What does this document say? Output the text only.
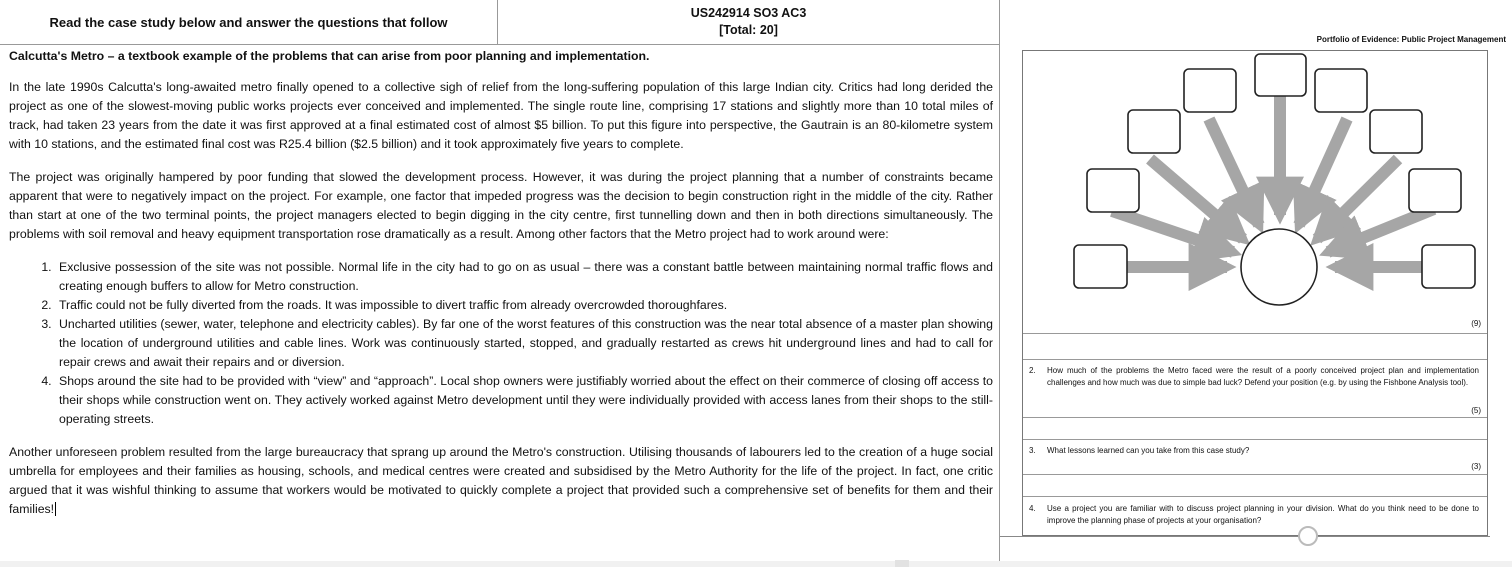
Read the case study below and answer the questions that follow
US242914 SO3 AC3
[Total: 20]

Calcutta's Metro – a textbook example of the problems that can arise from poor planning and implementation.

In the late 1990s Calcutta's long-awaited metro finally opened to a collective sigh of relief from the long-suffering population of this large Indian city. Critics had long derided the project as one of the slowest-moving public works projects ever conceived and implemented. The single route line, comprising 17 stations and slightly more than 10 total miles of track, had taken 23 years from the date it was first approved at a final estimated cost of almost $5 billion. To put this figure into perspective, the Gautrain is an 80-kilometre system with 10 stations, and the estimated final cost was R25.4 billion ($2.5 billion) and it took approximately five years to complete.

The project was originally hampered by poor funding that slowed the development process. However, it was during the project planning that a number of constraints became apparent that were to negatively impact on the project. For example, one factor that impeded progress was the decision to begin construction right in the middle of the city. Rather than start at one of the two terminal points, the project managers elected to begin digging in the city centre, first tunnelling down and then in both directions simultaneously. The problems with soil removal and heavy equipment transportation rose dramatically as a result. Among other factors that the Metro project had to work around were:

1. Exclusive possession of the site was not possible. Normal life in the city had to go on as usual – there was a constant battle between maintaining normal traffic flows and creating enough buffers to allow for Metro construction.
2. Traffic could not be fully diverted from the roads. It was impossible to divert traffic from already overcrowded thoroughfares.
3. Uncharted utilities (sewer, water, telephone and electricity cables). By far one of the worst features of this construction was the near total absence of a master plan showing the location of underground utilities and cable lines. Work was continuously started, stopped, and gradually restarted as crews hit underground lines and had to call for repair crews and await their repairs and or diversion.
4. Shops around the site had to be provided with “view” and “approach”. Local shop owners were justifiably worried about the effect on their commerce of closing off access to their shops while construction went on. They actively worked against Metro development until they were individually provided with access lanes from their shops to the still-operating streets.

Another unforeseen problem resulted from the large bureaucracy that sprang up around the Metro's construction. Utilising thousands of labourers led to the creation of a huge social umbrella for employees and their families as housing, schools, and medical centres were created and subsidised by the Metro Authority for the life of the project. In fact, one critic argued that it was wishful thinking to assume that workers would be motivated to quickly complete a project that provided such a comprehensive set of benefits for them and their families!

Portfolio of Evidence: Public Project Management
(9)
2. How much of the problems the Metro faced were the result of a poorly conceived project plan and implementation challenges and how much was due to simple bad luck? Defend your position (e.g. by using the Fishbone Analysis tool).
(5)
3. What lessons learned can you take from this case study?
(3)
4. Use a project you are familiar with to discuss project planning in your division. What do you think need to be done to improve the planning phase of projects at your organisation?
